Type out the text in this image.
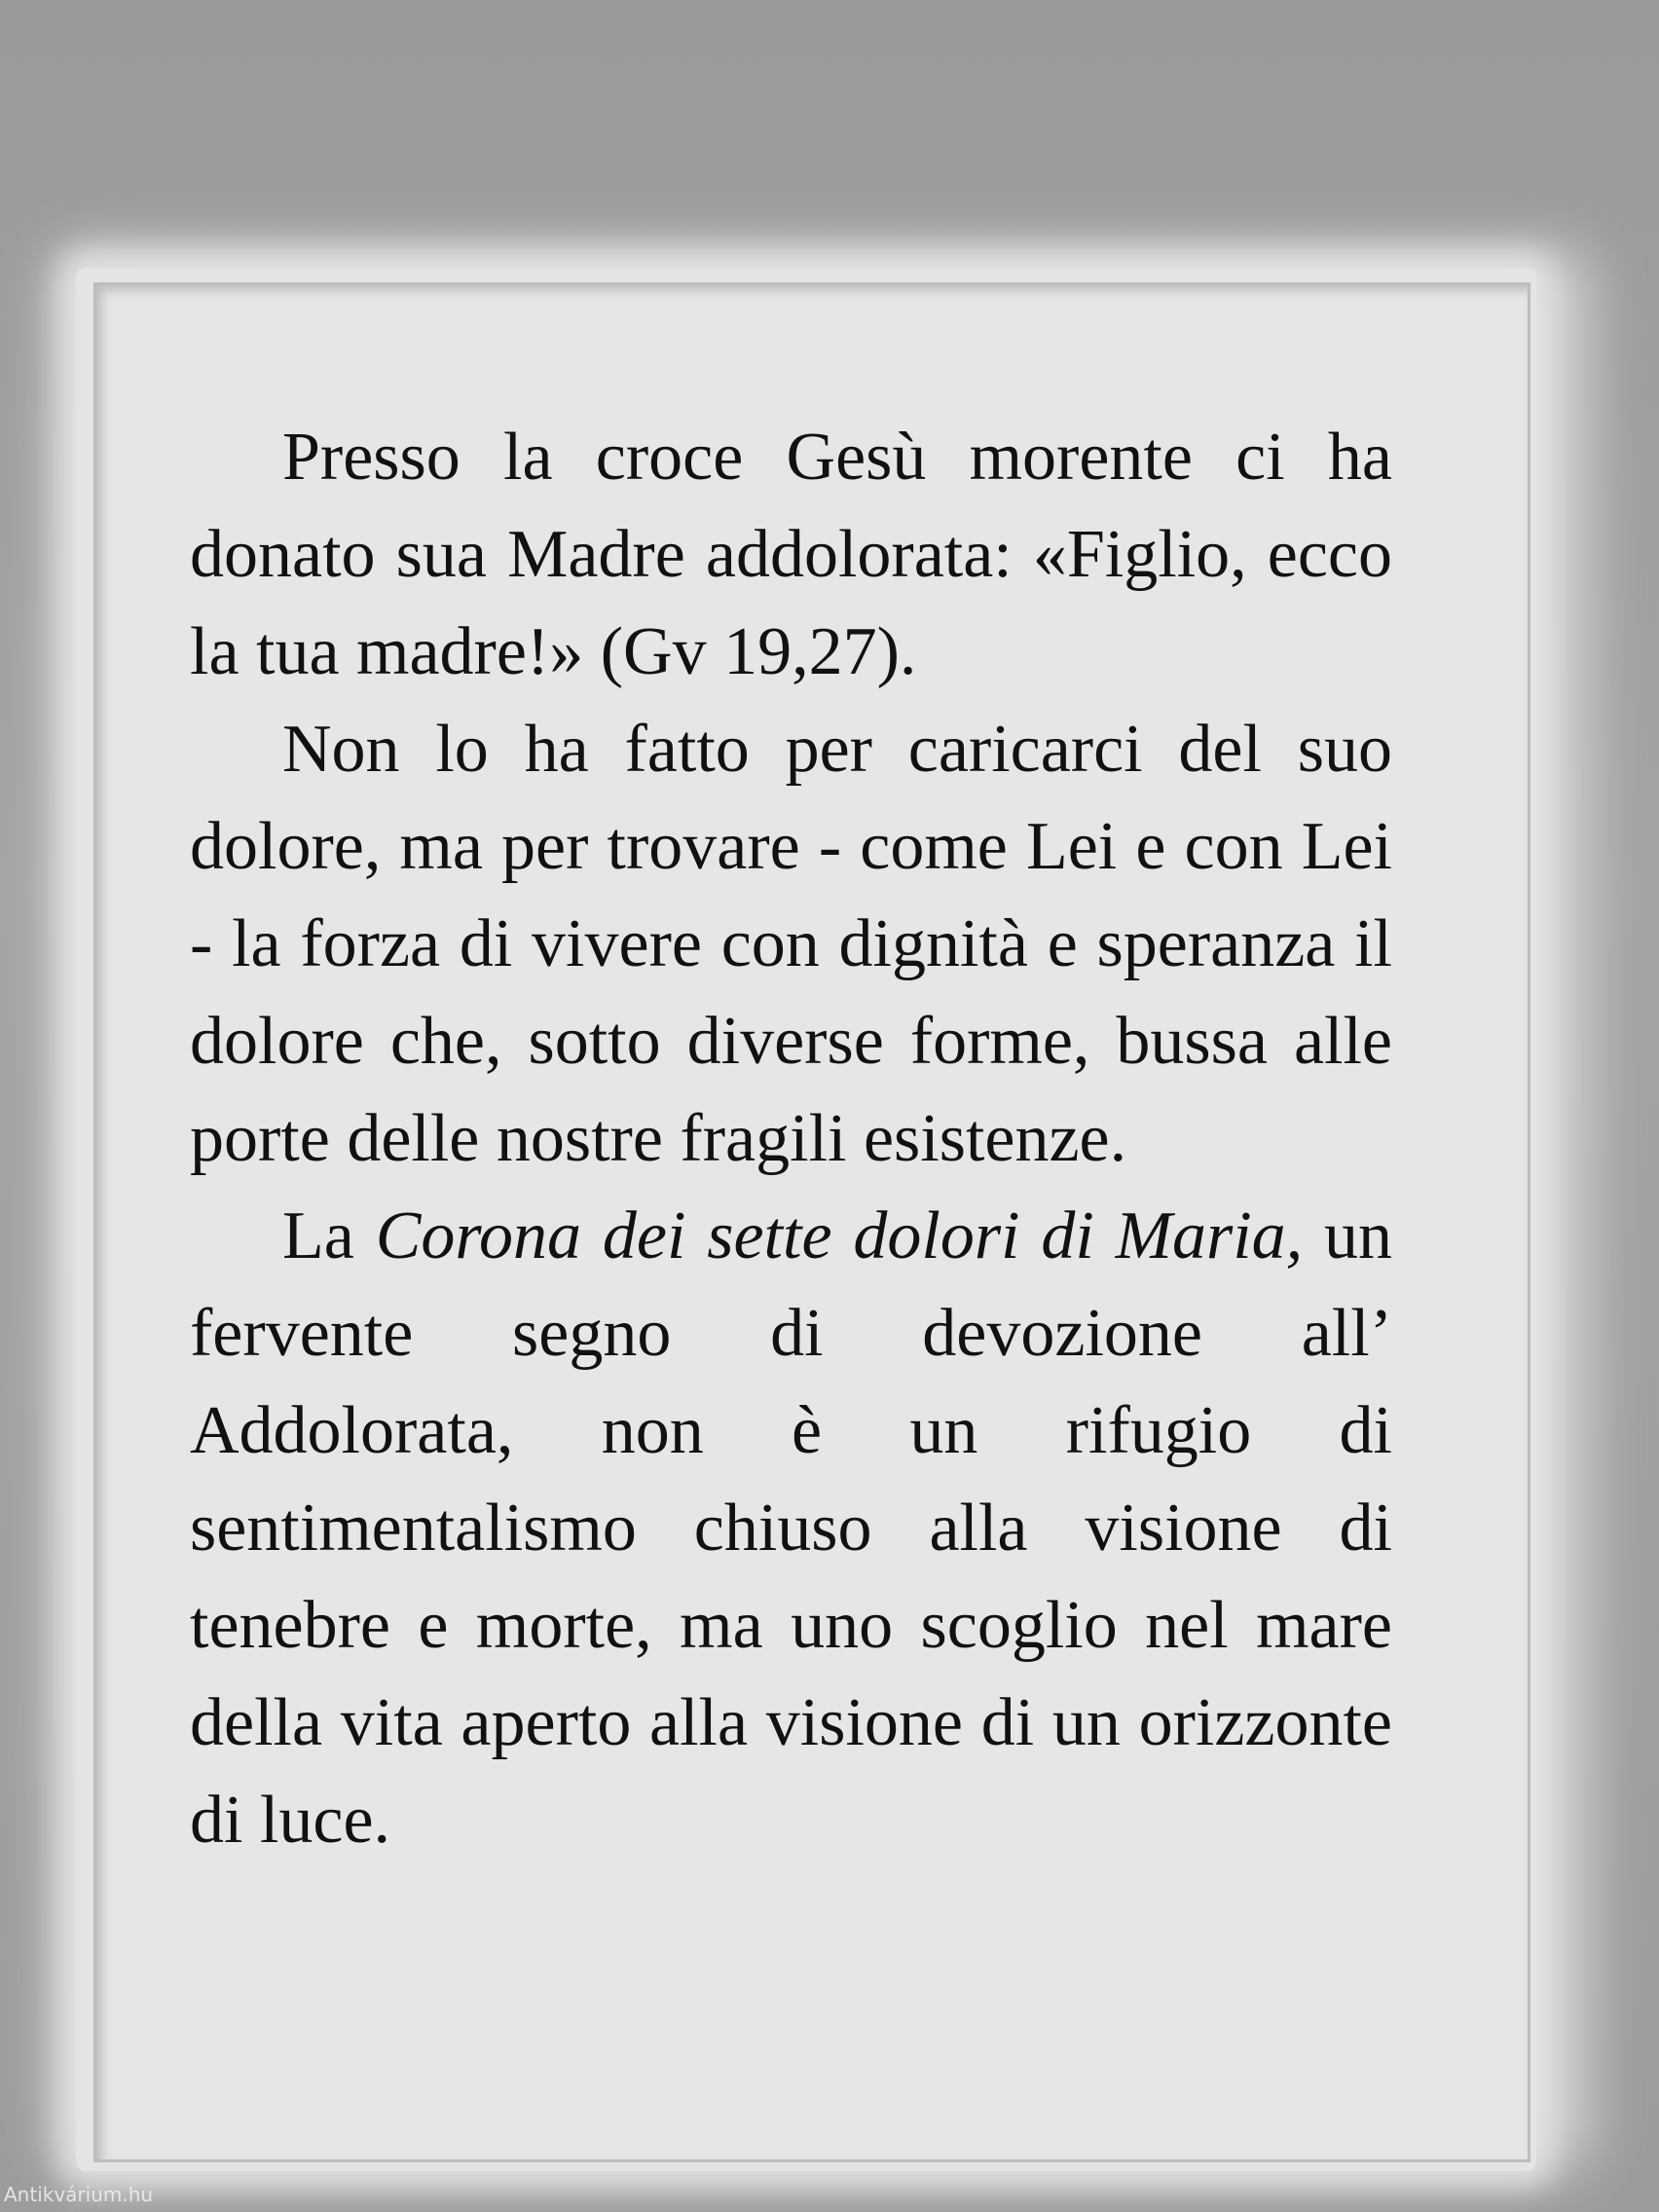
Presso la croce Gesù morente ci ha donato sua Madre addolorata: «Figlio, ecco la tua madre!» (Gv 19,27).

Non lo ha fatto per caricarci del suo dolore, ma per trovare - come Lei e con Lei - la forza di vivere con dignità e speranza il dolore che, sotto diverse forme, bussa alle porte delle nostre fragili esistenze.

La Corona dei sette dolori di Maria, un fervente segno di devozione all’ Addolorata, non è un rifugio di sentimentalismo chiuso alla visione di tenebre e morte, ma uno scoglio nel mare della vita aperto alla visione di un orizzonte di luce.

Antikvárium.hu
